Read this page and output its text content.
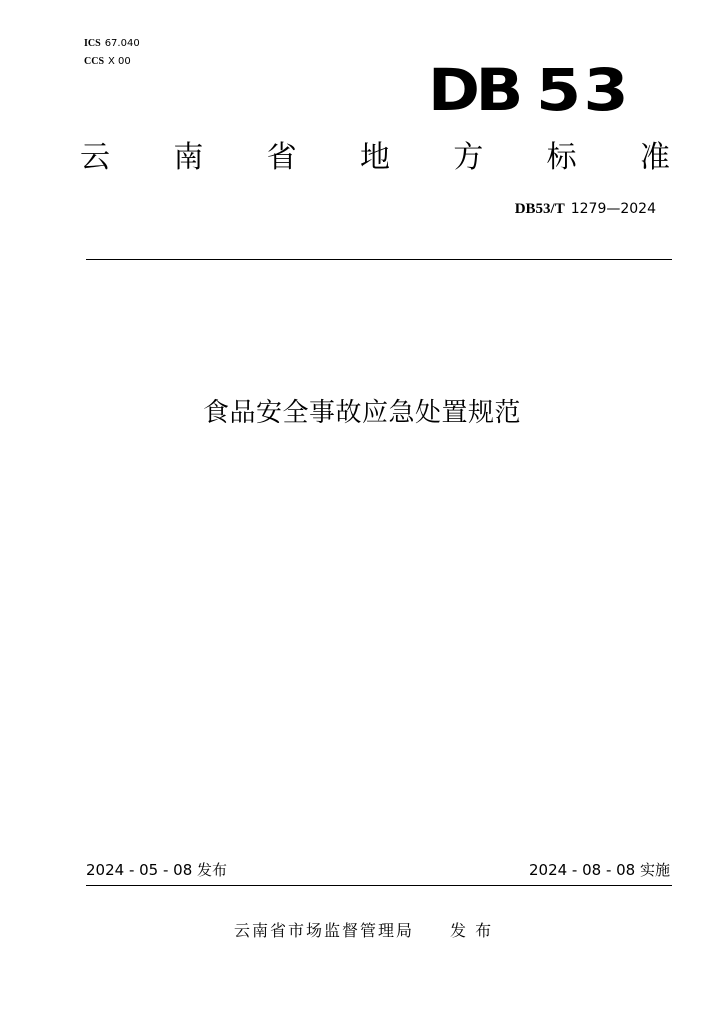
ICS 67.040
CCS X 00	DB 53
云 南 省 地 方 标 准
DB53/T 1279—2024
食品安全事故应急处置规范
2024 - 05 - 08 发布	2024 - 08 - 08 实施
云南省市场监督管理局 发 布
